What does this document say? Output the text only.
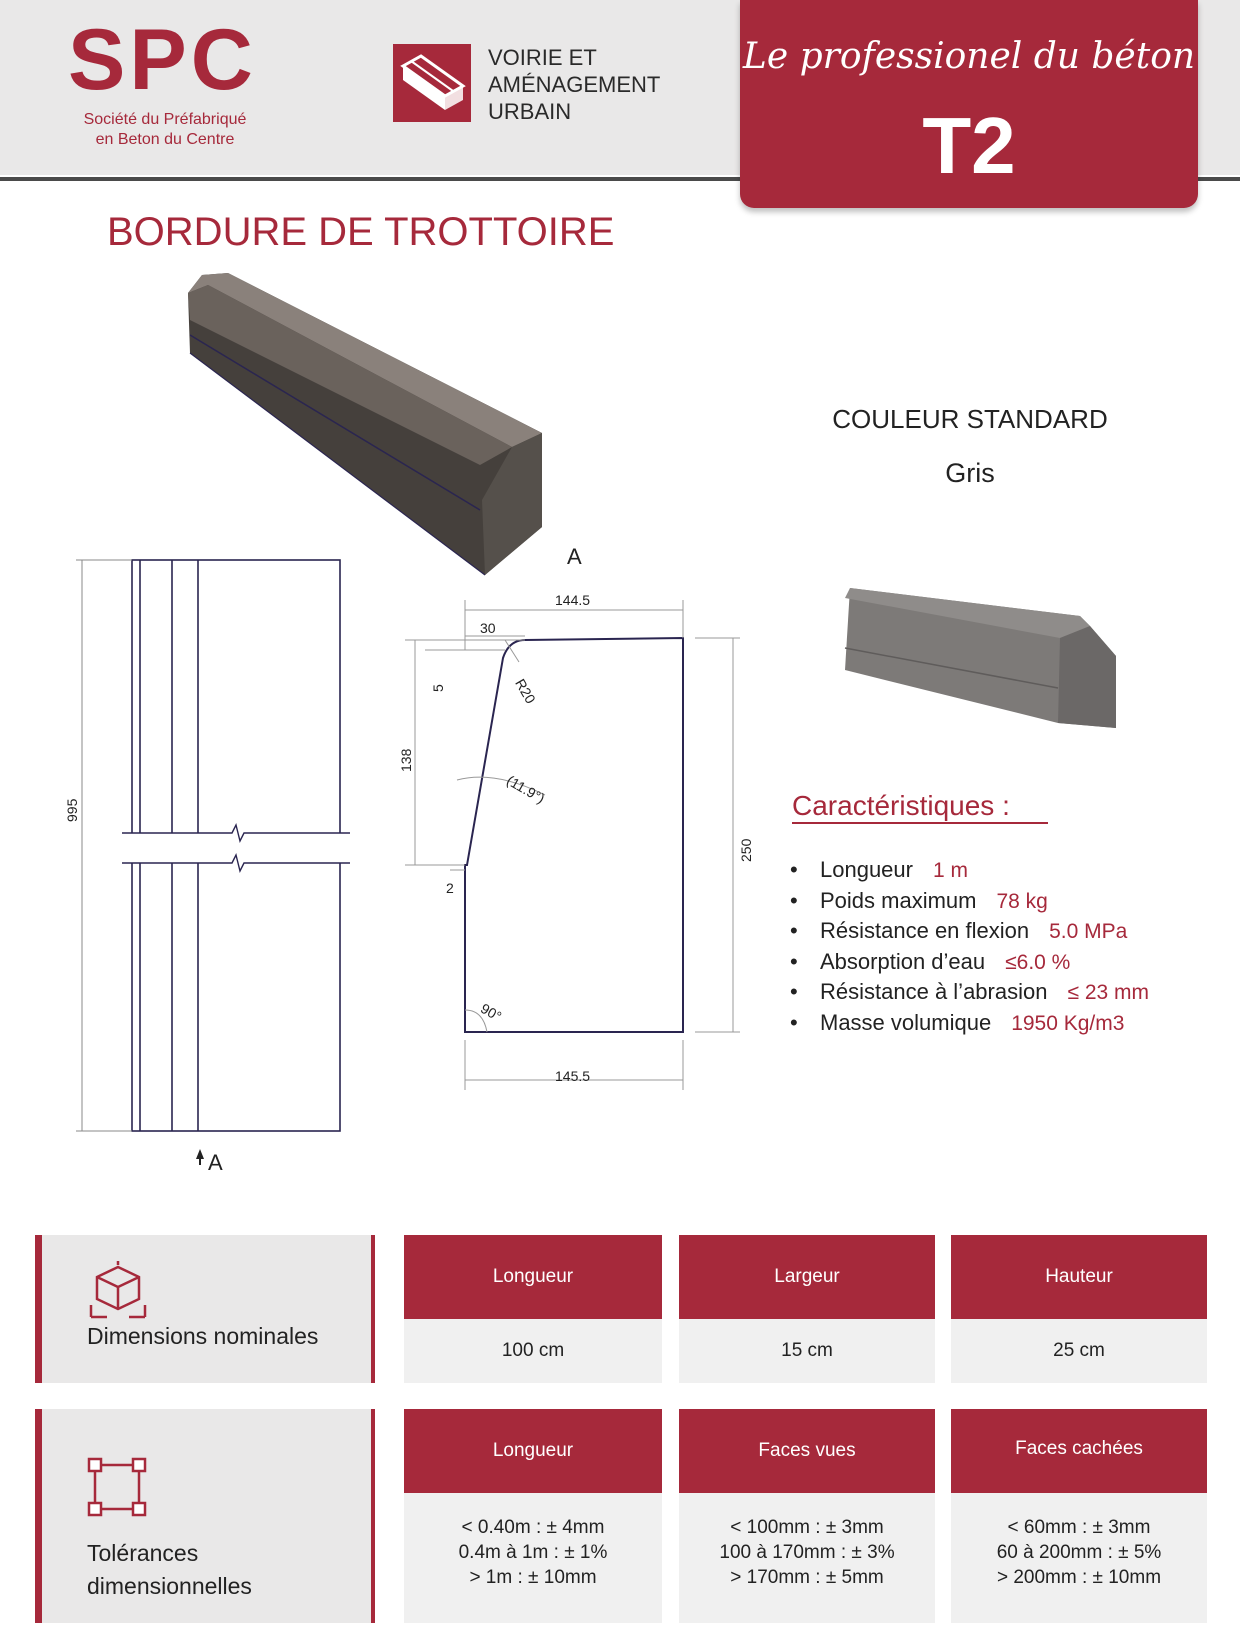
SPC
Société du Préfabriqué
en Beton du Centre
VOIRIE ET
AMÉNAGEMENT
URBAIN
Le professionel du béton
T2
BORDURE DE TROTTOIRE
A
995
A
144.5
30
R20
5
138
(11.9°)
250
2
90°
145.5
COULEUR STANDARD
Gris
Caractéristiques :
• Longueur 1 m
• Poids maximum 78 kg
• Résistance en flexion 5.0 MPa
• Absorption d’eau ≤6.0 %
• Résistance à l’abrasion ≤ 23 mm
• Masse volumique 1950 Kg/m3
Dimensions nominales
Longueur
100 cm
Largeur
15 cm
Hauteur
25 cm
Tolérances
dimensionnelles
Longueur
< 0.40m : ± 4mm
0.4m à 1m : ± 1%
> 1m : ± 10mm
Faces vues
< 100mm : ± 3mm
100 à 170mm : ± 3%
> 170mm : ± 5mm
Faces cachées
< 60mm : ± 3mm
60 à 200mm : ± 5%
> 200mm : ± 10mm
